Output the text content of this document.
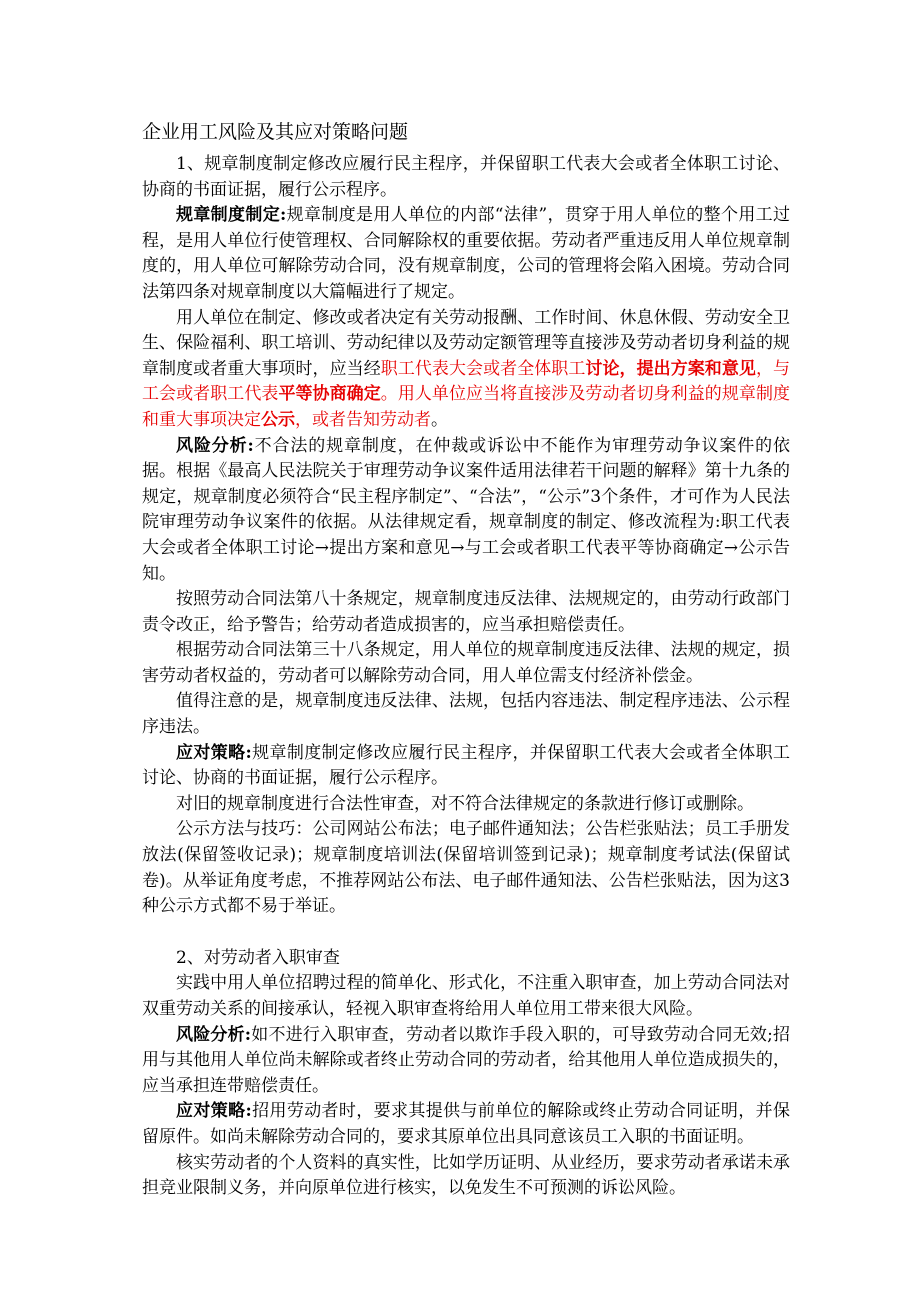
企业用工风险及其应对策略问题

1、规章制度制定修改应履行民主程序，并保留职工代表大会或者全体职工讨论、协商的书面证据，履行公示程序。

规章制度制定:规章制度是用人单位的内部“法律”，贯穿于用人单位的整个用工过程，是用人单位行使管理权、合同解除权的重要依据。劳动者严重违反用人单位规章制度的，用人单位可解除劳动合同，没有规章制度，公司的管理将会陷入困境。劳动合同法第四条对规章制度以大篇幅进行了规定。

用人单位在制定、修改或者决定有关劳动报酬、工作时间、休息休假、劳动安全卫生、保险福利、职工培训、劳动纪律以及劳动定额管理等直接涉及劳动者切身利益的规章制度或者重大事项时，应当经职工代表大会或者全体职工讨论，提出方案和意见，与工会或者职工代表平等协商确定。用人单位应当将直接涉及劳动者切身利益的规章制度和重大事项决定公示，或者告知劳动者。

风险分析:不合法的规章制度，在仲裁或诉讼中不能作为审理劳动争议案件的依据。根据《最高人民法院关于审理劳动争议案件适用法律若干问题的解释》第十九条的规定，规章制度必须符合“民主程序制定”、“合法”，“公示”3个条件，才可作为人民法院审理劳动争议案件的依据。从法律规定看，规章制度的制定、修改流程为:职工代表大会或者全体职工讨论→提出方案和意见→与工会或者职工代表平等协商确定→公示告知。

按照劳动合同法第八十条规定，规章制度违反法律、法规规定的，由劳动行政部门责令改正，给予警告；给劳动者造成损害的，应当承担赔偿责任。

根据劳动合同法第三十八条规定，用人单位的规章制度违反法律、法规的规定，损害劳动者权益的，劳动者可以解除劳动合同，用人单位需支付经济补偿金。

值得注意的是，规章制度违反法律、法规，包括内容违法、制定程序违法、公示程序违法。

应对策略:规章制度制定修改应履行民主程序，并保留职工代表大会或者全体职工讨论、协商的书面证据，履行公示程序。

对旧的规章制度进行合法性审查，对不符合法律规定的条款进行修订或删除。

公示方法与技巧：公司网站公布法；电子邮件通知法；公告栏张贴法；员工手册发放法(保留签收记录)；规章制度培训法(保留培训签到记录)；规章制度考试法(保留试卷)。从举证角度考虑，不推荐网站公布法、电子邮件通知法、公告栏张贴法，因为这3种公示方式都不易于举证。

2、对劳动者入职审查

实践中用人单位招聘过程的简单化、形式化，不注重入职审查，加上劳动合同法对双重劳动关系的间接承认，轻视入职审查将给用人单位用工带来很大风险。

风险分析:如不进行入职审查，劳动者以欺诈手段入职的，可导致劳动合同无效;招用与其他用人单位尚未解除或者终止劳动合同的劳动者，给其他用人单位造成损失的，应当承担连带赔偿责任。

应对策略:招用劳动者时，要求其提供与前单位的解除或终止劳动合同证明，并保留原件。如尚未解除劳动合同的，要求其原单位出具同意该员工入职的书面证明。

核实劳动者的个人资料的真实性，比如学历证明、从业经历，要求劳动者承诺未承担竞业限制义务，并向原单位进行核实，以免发生不可预测的诉讼风险。
